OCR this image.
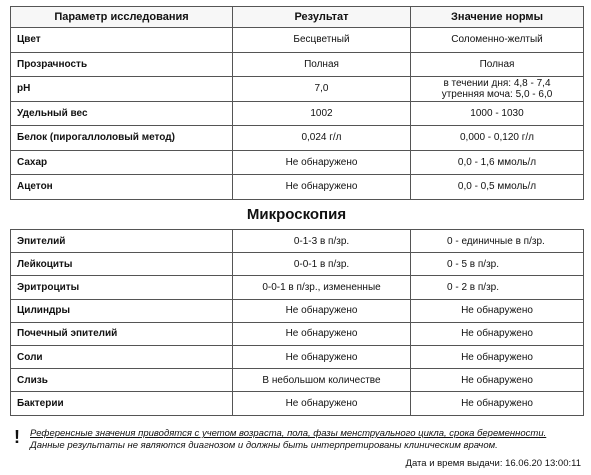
Параметр исследования	Результат	Значение нормы
Цвет	Бесцветный	Соломенно-желтый

Прозрачность	Полная	Полная

pH	7,0	в течении дня: 4,8 - 7,4
утренняя моча: 5,0 - 6,0

Удельный вес	1002	1000 - 1030

Белок (пирогаллоловый метод)	0,024 г/л	0,000 - 0,120 г/л

Сахар	Не обнаружено	0,0 - 1,6 ммоль/л

Ацетон	Не обнаружено	0,0 - 0,5 ммоль/л
Микроскопия
Эпителий	0-1-3 в п/зр.	0 - единичные в п/зр.
Лейкоциты	0-0-1 в п/зр.	0 - 5 в п/зр.
Эритроциты	0-0-1 в п/зр., измененные	0 - 2 в п/зр.
Цилиндры	Не обнаружено	Не обнаружено
Почечный эпителий	Не обнаружено	Не обнаружено
Соли	Не обнаружено	Не обнаружено
Слизь	В небольшом количестве	Не обнаружено
Бактерии	Не обнаружено	Не обнаружено
! Референсные значения приводятся с учетом возраста, пола, фазы менструального цикла, срока беременности.
Данные результаты не являются диагнозом и должны быть интерпретированы клиническим врачом.
Дата и время выдачи: 16.06.20 13:00:11
